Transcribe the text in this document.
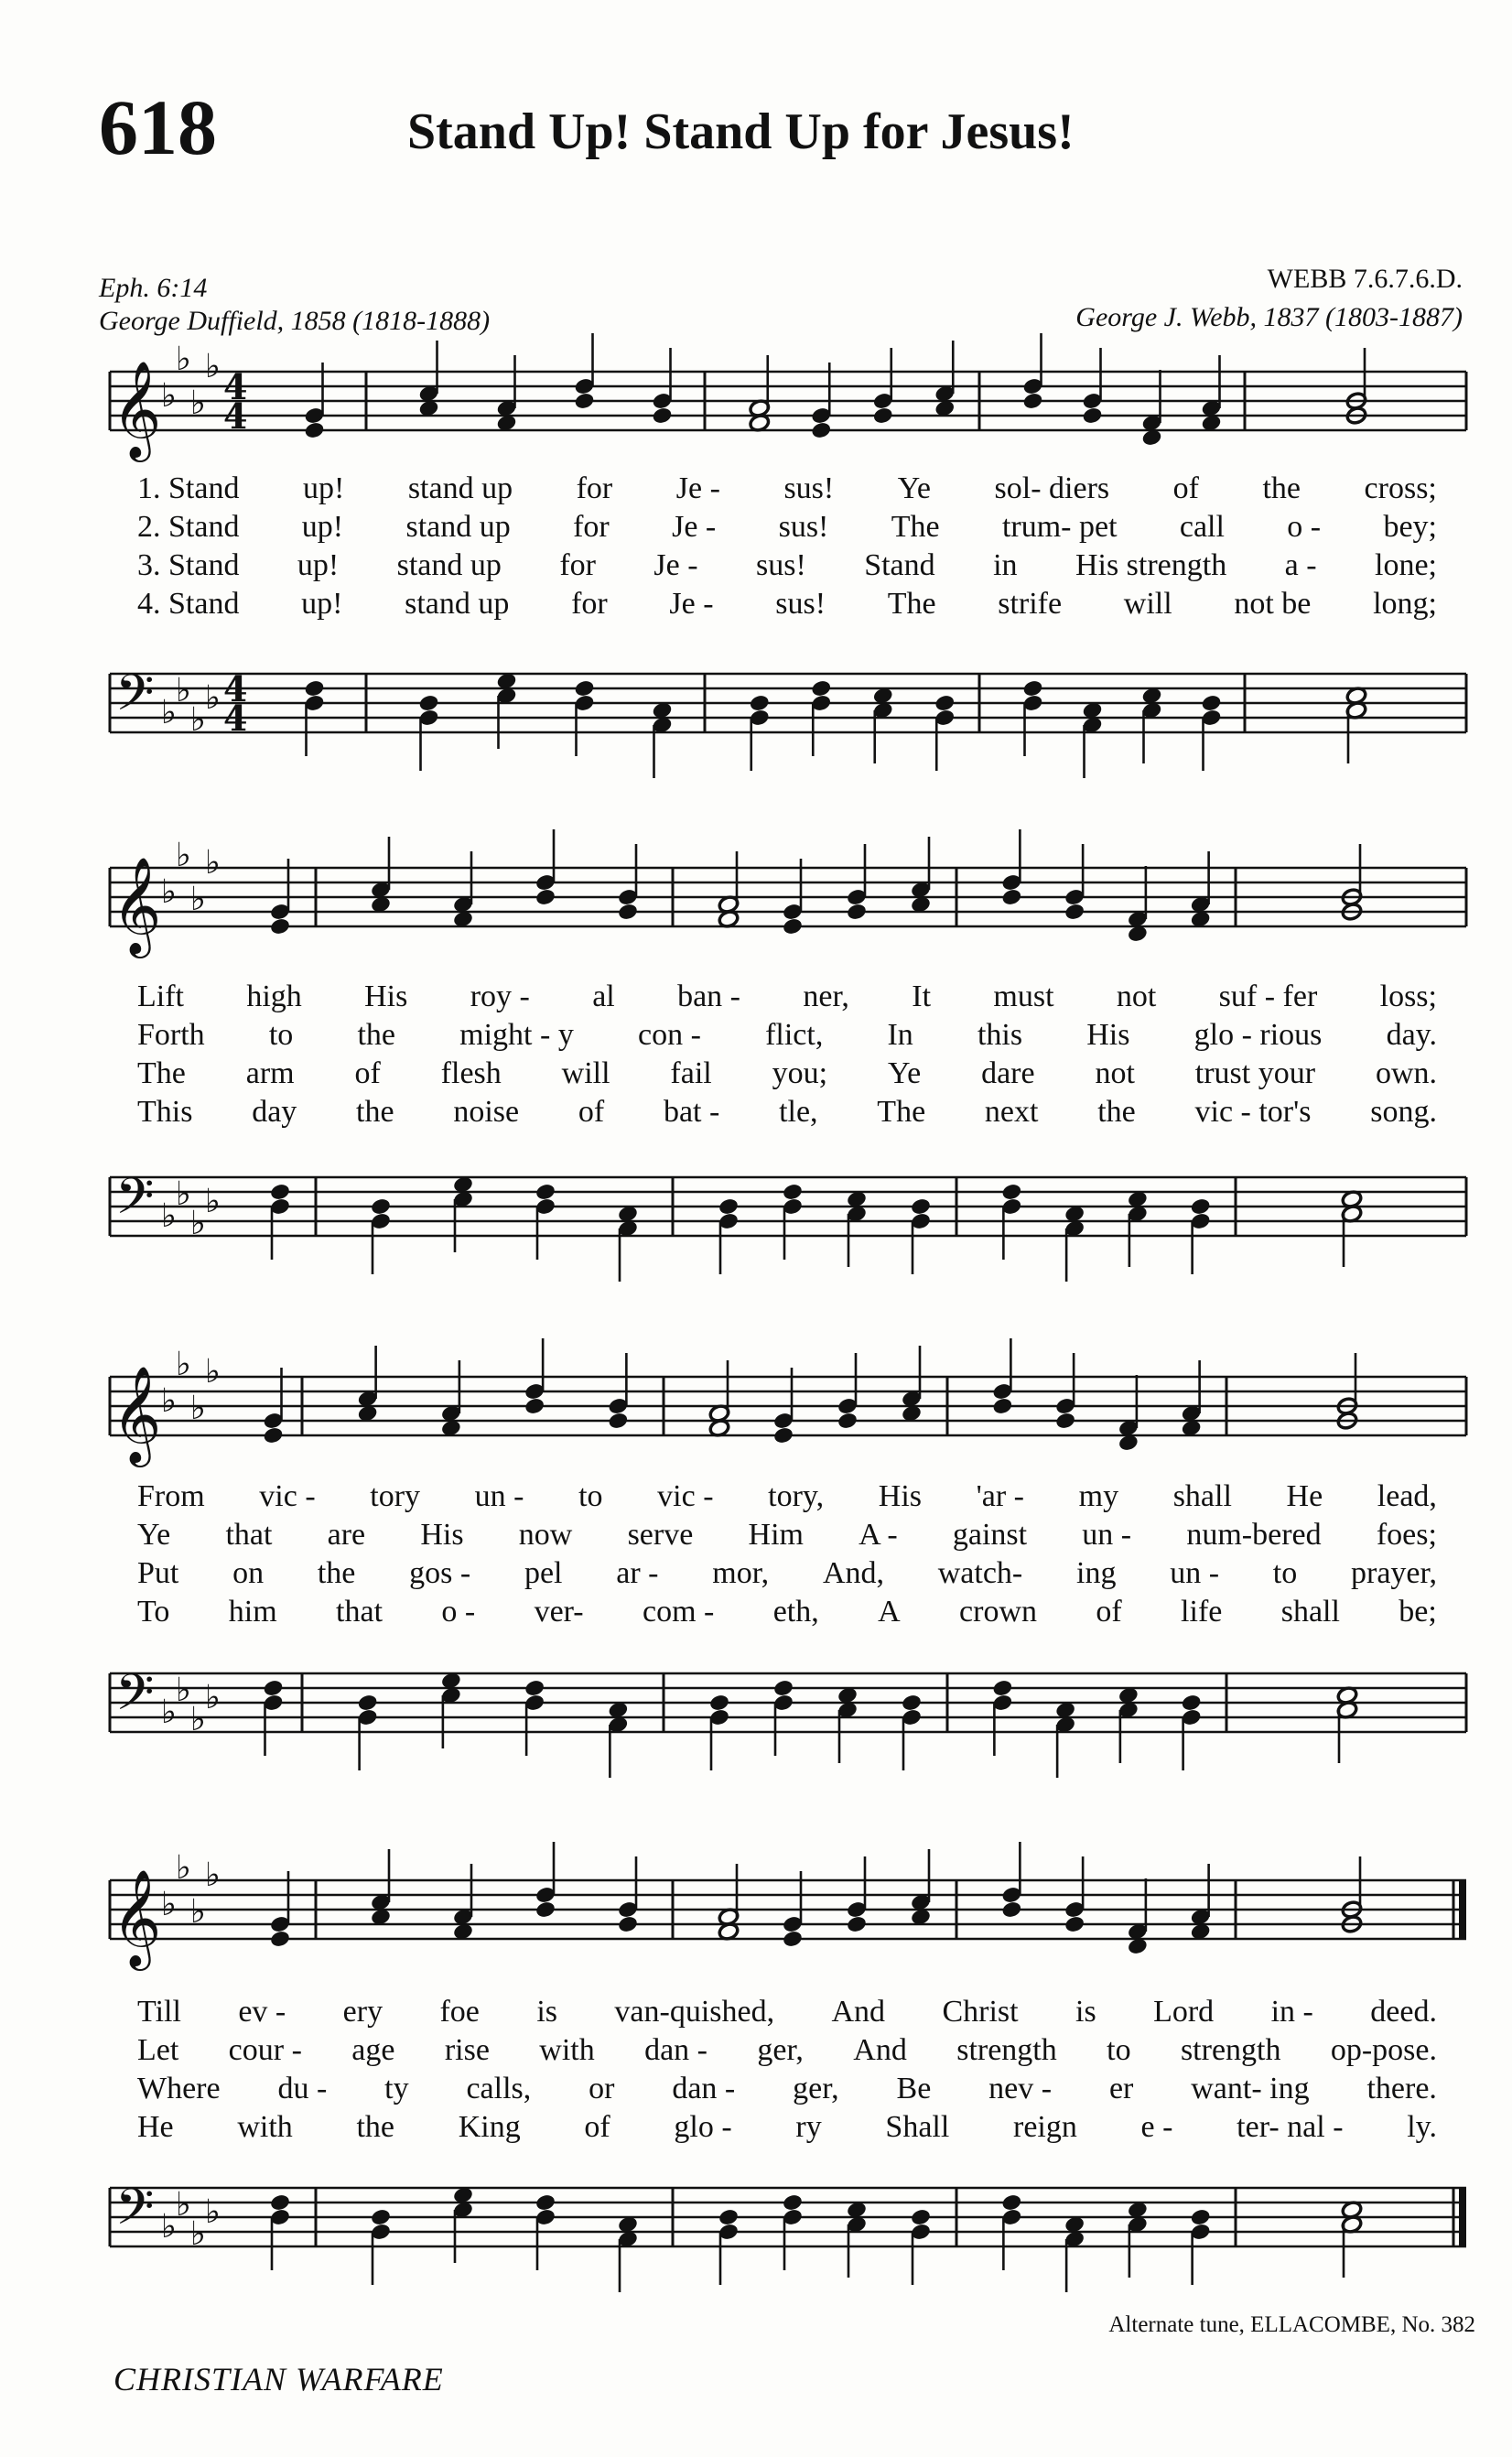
618	Stand Up! Stand Up for Jesus!
Eph. 6:14
George Duffield, 1858 (1818-1888)
WEBB 7.6.7.6.D.
George J. Webb, 1837 (1803-1887)
𝄞 ♭
♭
♭
♭ 4
4
𝄢 ♭
♭
♭
♭ 4
4
𝄞 ♭
♭
♭
♭
𝄢 ♭
♭
♭
♭
𝄞 ♭
♭
♭
♭
𝄢 ♭
♭
♭
♭
𝄞 ♭
♭
♭
♭
𝄢 ♭
♭
♭
♭
Alternate tune, ELLACOMBE, No. 382
CHRISTIAN WARFARE
1. Stand up! stand up for Je - sus! Ye sol- diers of the cross;
2. Stand up! stand up for Je - sus! The trum- pet call o - bey;
3. Stand up! stand up for Je - sus! Stand in His strength a - lone;
4. Stand up! stand up for Je - sus! The strife will not be long;
Lift high His roy - al ban - ner, It must not suf - fer loss;
Forth to the might - y con - flict, In this His glo - rious day.
The arm of flesh will fail you; Ye dare not trust your own.
This day the noise of bat - tle, The next the vic - tor's song.
From vic - tory un - to vic - tory, His 'ar - my shall He lead,
Ye that are His now serve Him A - gainst un - num-bered foes;
Put on the gos - pel ar - mor, And, watch- ing un - to prayer,
To him that o - ver- com - eth, A crown of life shall be;
Till ev - ery foe is van-quished, And Christ is Lord in - deed.
Let cour - age rise with dan - ger, And strength to strength op-pose.
Where du - ty calls, or dan - ger, Be nev - er want- ing there.
He with the King of glo - ry Shall reign e - ter- nal - ly.
